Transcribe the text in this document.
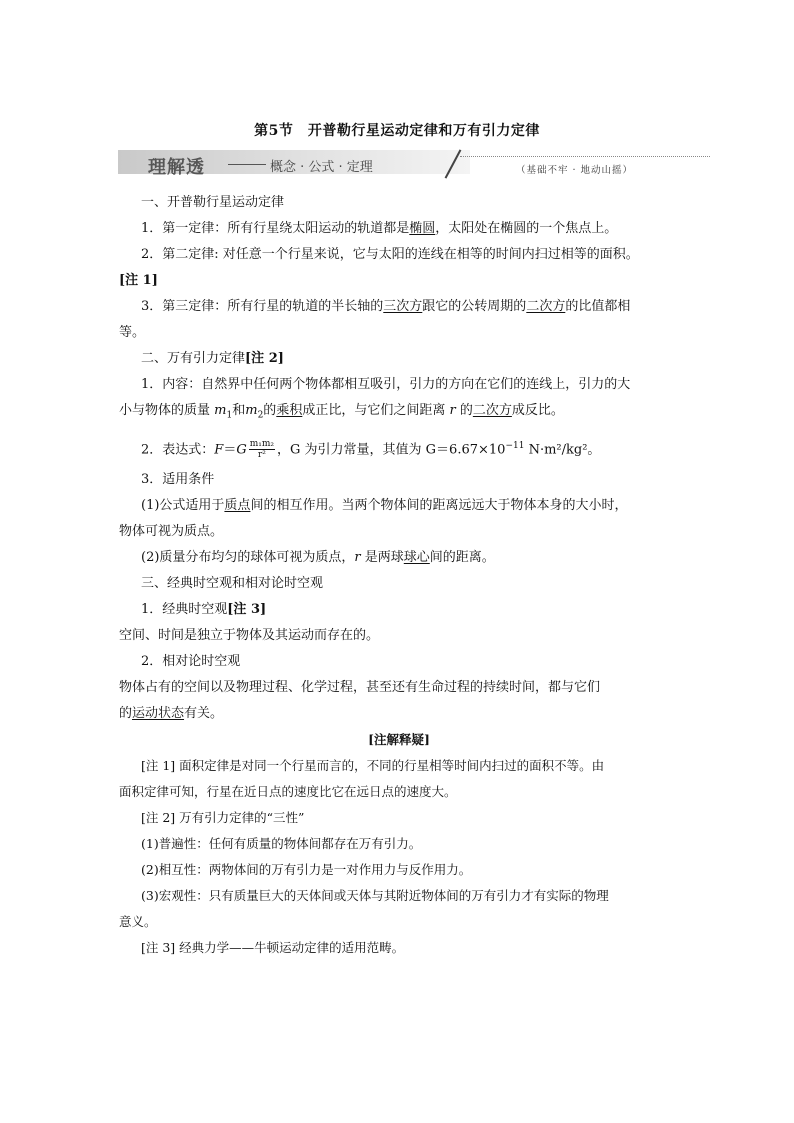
第5节　开普勒行星运动定律和万有引力定律
理解透	概念 · 公式 · 定理	（基础不牢 · 地动山摇）

一、开普勒行星运动定律

1．第一定律：所有行星绕太阳运动的轨道都是椭圆，太阳处在椭圆的一个焦点上。

2．第二定律: 对任意一个行星来说，它与太阳的连线在相等的时间内扫过相等的面积。

[注 1]

3．第三定律：所有行星的轨道的半长轴的三次方跟它的公转周期的二次方的比值都相

等。

二、万有引力定律[注 2]

1．内容：自然界中任何两个物体都相互吸引，引力的方向在它们的连线上，引力的大

小与物体的质量 $m_1$和$m_2$的乘积成正比，与它们之间距离 r 的二次方成反比。

2．表达式：$F=G \frac{\text{m₁m₂}}{\text{r²}}$ ，G 为引力常量，其值为 $G=6.67\times 10^{-11}$ N·m²/kg²。

3．适用条件

(1)公式适用于质点间的相互作用。当两个物体间的距离远远大于物体本身的大小时，

物体可视为质点。

(2)质量分布均匀的球体可视为质点，r 是两球球心间的距离。

三、经典时空观和相对论时空观

1．经典时空观[注 3]

空间、时间是独立于物体及其运动而存在的。

2．相对论时空观

物体占有的空间以及物理过程、化学过程，甚至还有生命过程的持续时间，都与它们

的运动状态有关。

[注解释疑]

[注 1] 面积定律是对同一个行星而言的，不同的行星相等时间内扫过的面积不等。由

面积定律可知，行星在近日点的速度比它在远日点的速度大。

[注 2] 万有引力定律的“三性”

(1)普遍性：任何有质量的物体间都存在万有引力。

(2)相互性：两物体间的万有引力是一对作用力与反作用力。

(3)宏观性：只有质量巨大的天体间或天体与其附近物体间的万有引力才有实际的物理

意义。

[注 3] 经典力学——牛顿运动定律的适用范畴。
